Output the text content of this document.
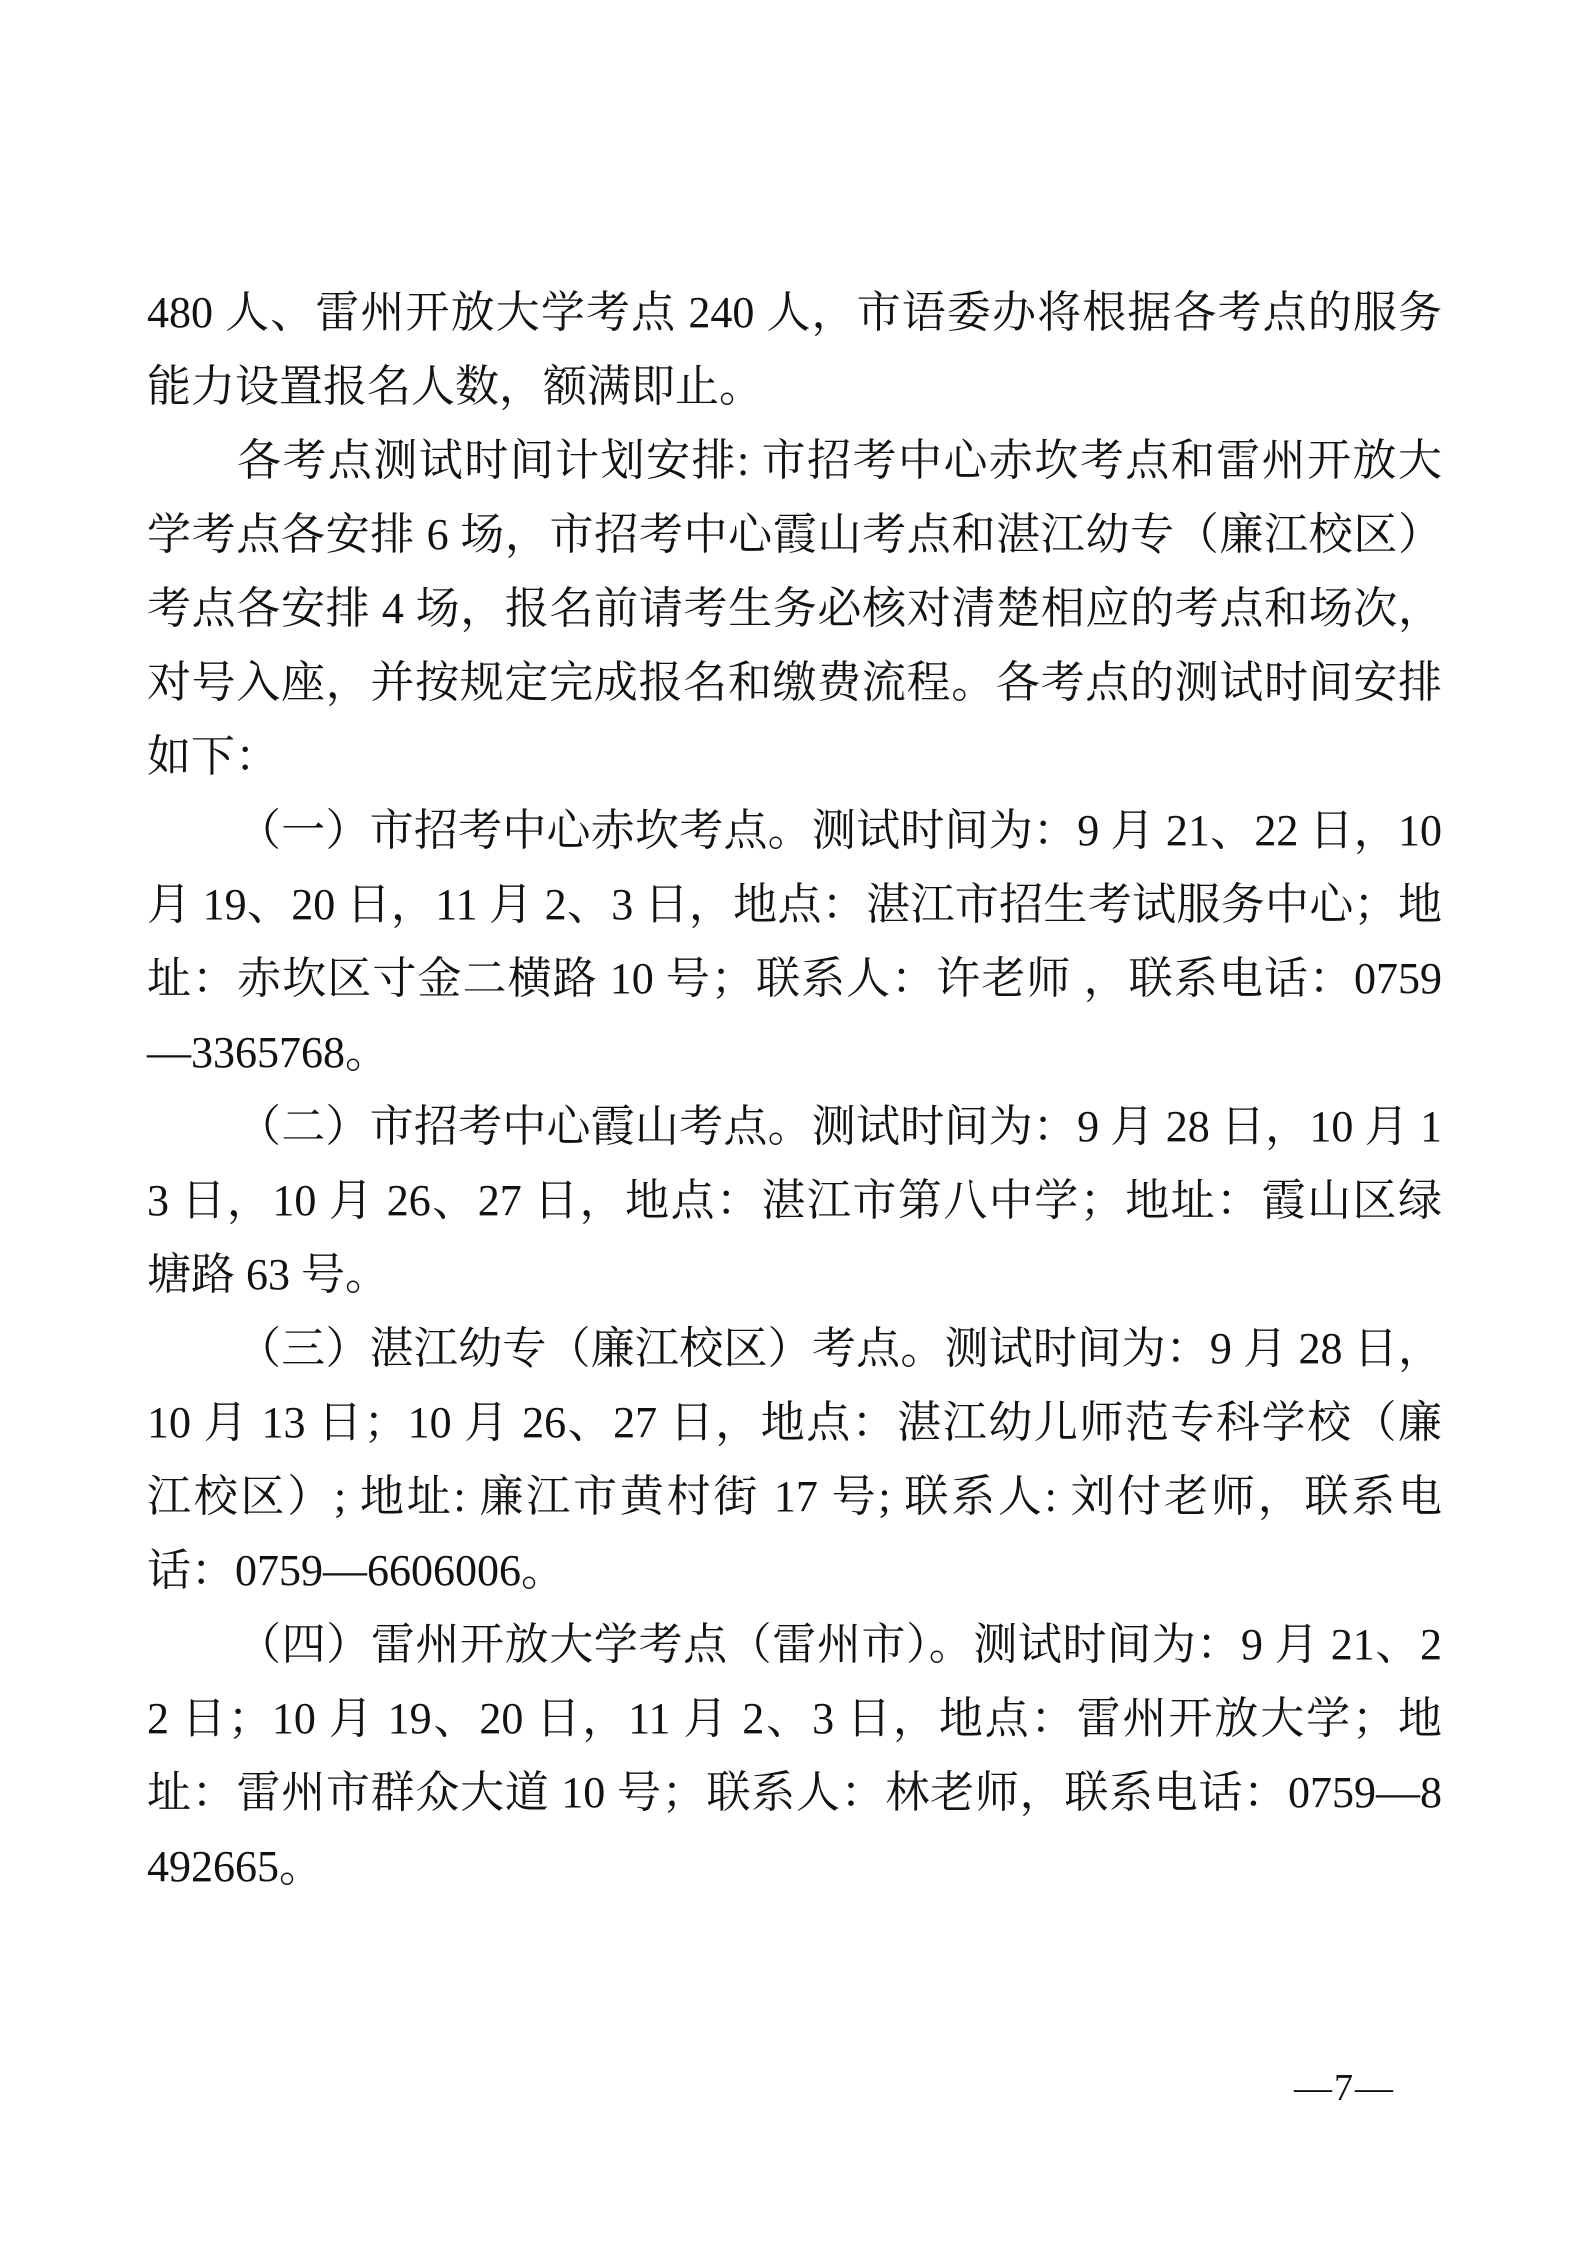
480 人、雷州开放大学考点 240 人，市语委办将根据各考点的服务能力设置报名人数，额满即止。

各考点测试时间计划安排: 市招考中心赤坎考点和雷州开放大学考点各安排 6 场，市招考中心霞山考点和湛江幼专（廉江校区）考点各安排 4 场，报名前请考生务必核对清楚相应的考点和场次，对号入座，并按规定完成报名和缴费流程。各考点的测试时间安排如下：

（一）市招考中心赤坎考点。测试时间为：9 月 21、22 日，10 月 19、20 日，11 月 2、3 日，地点：湛江市招生考试服务中心；地址：赤坎区寸金二横路 10 号；联系人：许老师 ，联系电话：0759—3365768。

（二）市招考中心霞山考点。测试时间为：9 月 28 日，10 月 13 日，10 月 26、27 日，地点：湛江市第八中学；地址：霞山区绿塘路 63 号。

（三）湛江幼专（廉江校区）考点。测试时间为：9 月 28 日，10 月 13 日；10 月 26、27 日，地点：湛江幼儿师范专科学校（廉江校区）; 地址: 廉江市黄村街 17 号; 联系人: 刘付老师，联系电话：0759—6606006。

（四）雷州开放大学考点（雷州市）。测试时间为：9 月 21、22 日；10 月 19、20 日，11 月 2、3 日，地点：雷州开放大学；地址：雷州市群众大道 10 号；联系人：林老师，联系电话：0759—8492665。

—7—
